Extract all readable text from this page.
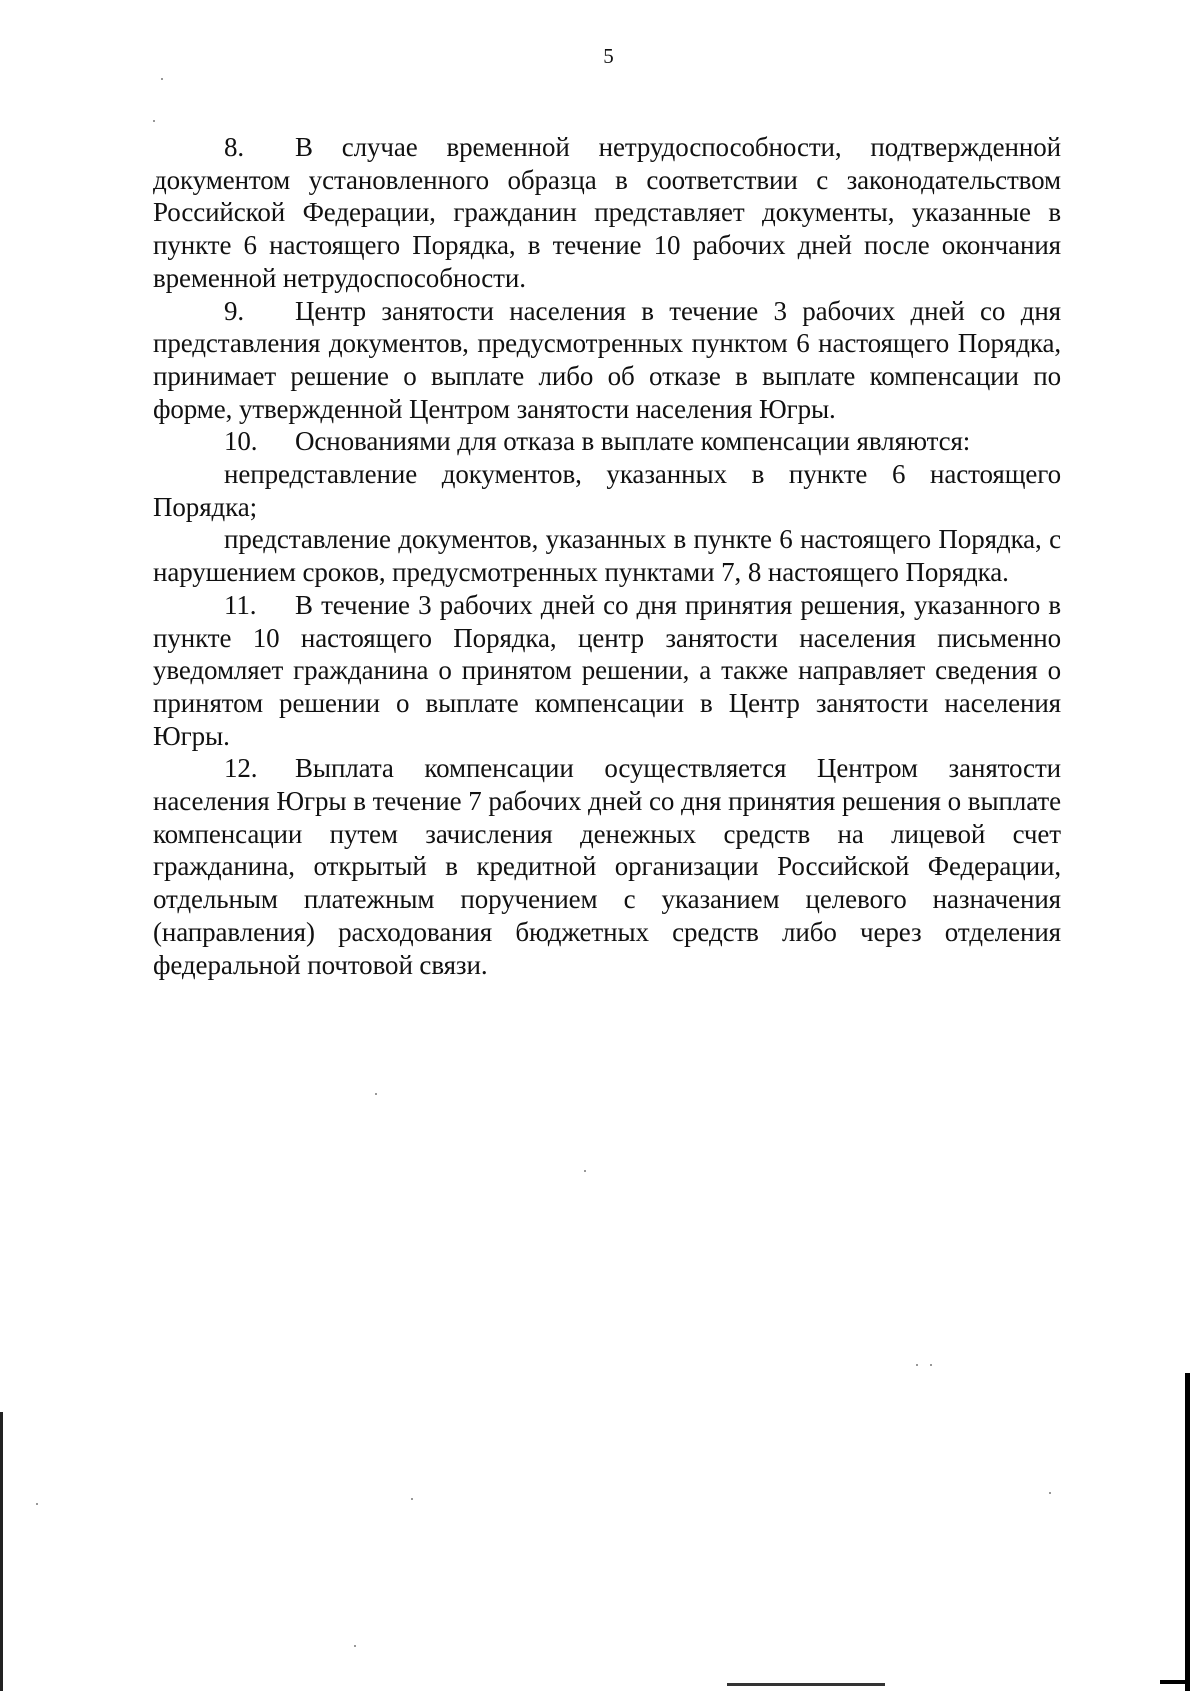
5

8. В случае временной нетрудоспособности, подтвержденной документом установленного образца в соответствии с законодательством Российской Федерации, гражданин представляет документы, указанные в пункте 6 настоящего Порядка, в течение 10 рабочих дней после окончания временной нетрудоспособности.

9. Центр занятости населения в течение 3 рабочих дней со дня представления документов, предусмотренных пунктом 6 настоящего Порядка, принимает решение о выплате либо об отказе в выплате компенсации по форме, утвержденной Центром занятости населения Югры.

10. Основаниями для отказа в выплате компенсации являются:

непредставление документов, указанных в пункте 6 настоящего Порядка;

представление документов, указанных в пункте 6 настоящего Порядка, с нарушением сроков, предусмотренных пунктами 7, 8 настоящего Порядка.

11. В течение 3 рабочих дней со дня принятия решения, указанного в пункте 10 настоящего Порядка, центр занятости населения письменно уведомляет гражданина о принятом решении, а также направляет сведения о принятом решении о выплате компенсации в Центр занятости населения Югры.

12. Выплата компенсации осуществляется Центром занятости населения Югры в течение 7 рабочих дней со дня принятия решения о выплате компенсации путем зачисления денежных средств на лицевой счет гражданина, открытый в кредитной организации Российской Федерации, отдельным платежным поручением с указанием целевого назначения (направления) расходования бюджетных средств либо через отделения федеральной почтовой связи.
